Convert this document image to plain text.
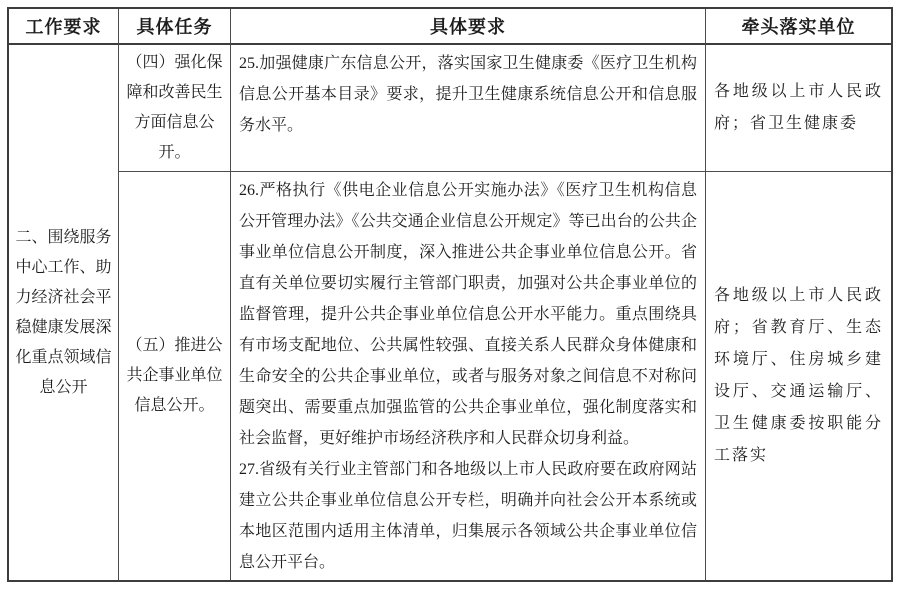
工作要求 具体任务	具体要求	牵头落实单位
二、围绕服务中心工作、助力经济社会平稳健康发展深化重点领域信息公开
（四）强化保障和改善民生方面信息公开。

25.加强健康广东信息公开，落实国家卫生健康委《医疗卫生机构信息公开基本目录》要求，提升卫生健康系统信息公开和信息服务水平。

各地级以上市人民政府；省卫生健康委
（五）推进公共企事业单位信息公开。

26.严格执行《供电企业信息公开实施办法》《医疗卫生机构信息公开管理办法》《公共交通企业信息公开规定》等已出台的公共企事业单位信息公开制度，深入推进公共企事业单位信息公开。省直有关单位要切实履行主管部门职责，加强对公共企事业单位的监督管理，提升公共企事业单位信息公开水平能力。重点围绕具有市场支配地位、公共属性较强、直接关系人民群众身体健康和生命安全的公共企事业单位，或者与服务对象之间信息不对称问题突出、需要重点加强监管的公共企事业单位，强化制度落实和社会监督，更好维护市场经济秩序和人民群众切身利益。

27.省级有关行业主管部门和各地级以上市人民政府要在政府网站建立公共企事业单位信息公开专栏，明确并向社会公开本系统或本地区范围内适用主体清单，归集展示各领域公共企事业单位信息公开平台。

各地级以上市人民政府；省教育厅、生态环境厅、住房城乡建设厅、交通运输厅、卫生健康委按职能分工落实
